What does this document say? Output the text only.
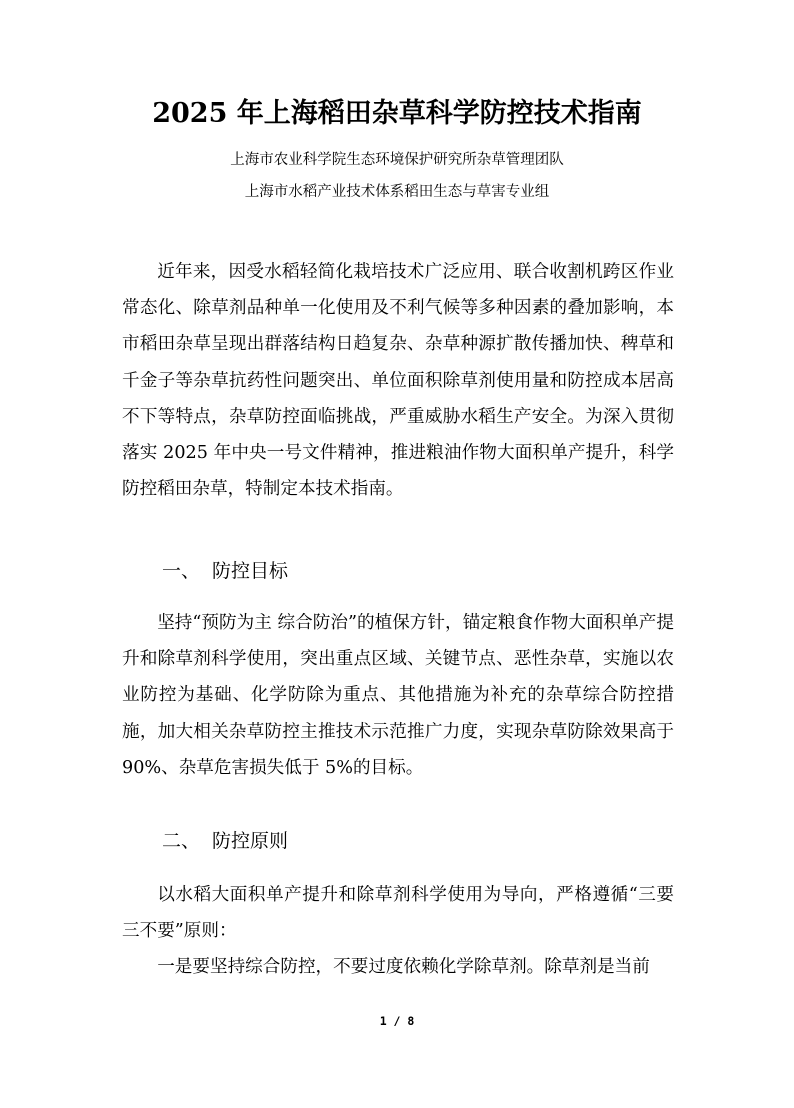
2025 年上海稻田杂草科学防控技术指南
上海市农业科学院生态环境保护研究所杂草管理团队
上海市水稻产业技术体系稻田生态与草害专业组

近年来，因受水稻轻简化栽培技术广泛应用、联合收割机跨区作业常态化、除草剂品种单一化使用及不利气候等多种因素的叠加影响，本市稻田杂草呈现出群落结构日趋复杂、杂草种源扩散传播加快、稗草和千金子等杂草抗药性问题突出、单位面积除草剂使用量和防控成本居高不下等特点，杂草防控面临挑战，严重威胁水稻生产安全。为深入贯彻落实 2025 年中央一号文件精神，推进粮油作物大面积单产提升，科学防控稻田杂草，特制定本技术指南。

一、 防控目标

坚持“预防为主 综合防治”的植保方针，锚定粮食作物大面积单产提升和除草剂科学使用，突出重点区域、关键节点、恶性杂草，实施以农业防控为基础、化学防除为重点、其他措施为补充的杂草综合防控措施，加大相关杂草防控主推技术示范推广力度，实现杂草防除效果高于 90%、杂草危害损失低于 5%的目标。

二、 防控原则

以水稻大面积单产提升和除草剂科学使用为导向，严格遵循“三要三不要”原则：

一是要坚持综合防控，不要过度依赖化学除草剂。除草剂是当前

1 / 8
